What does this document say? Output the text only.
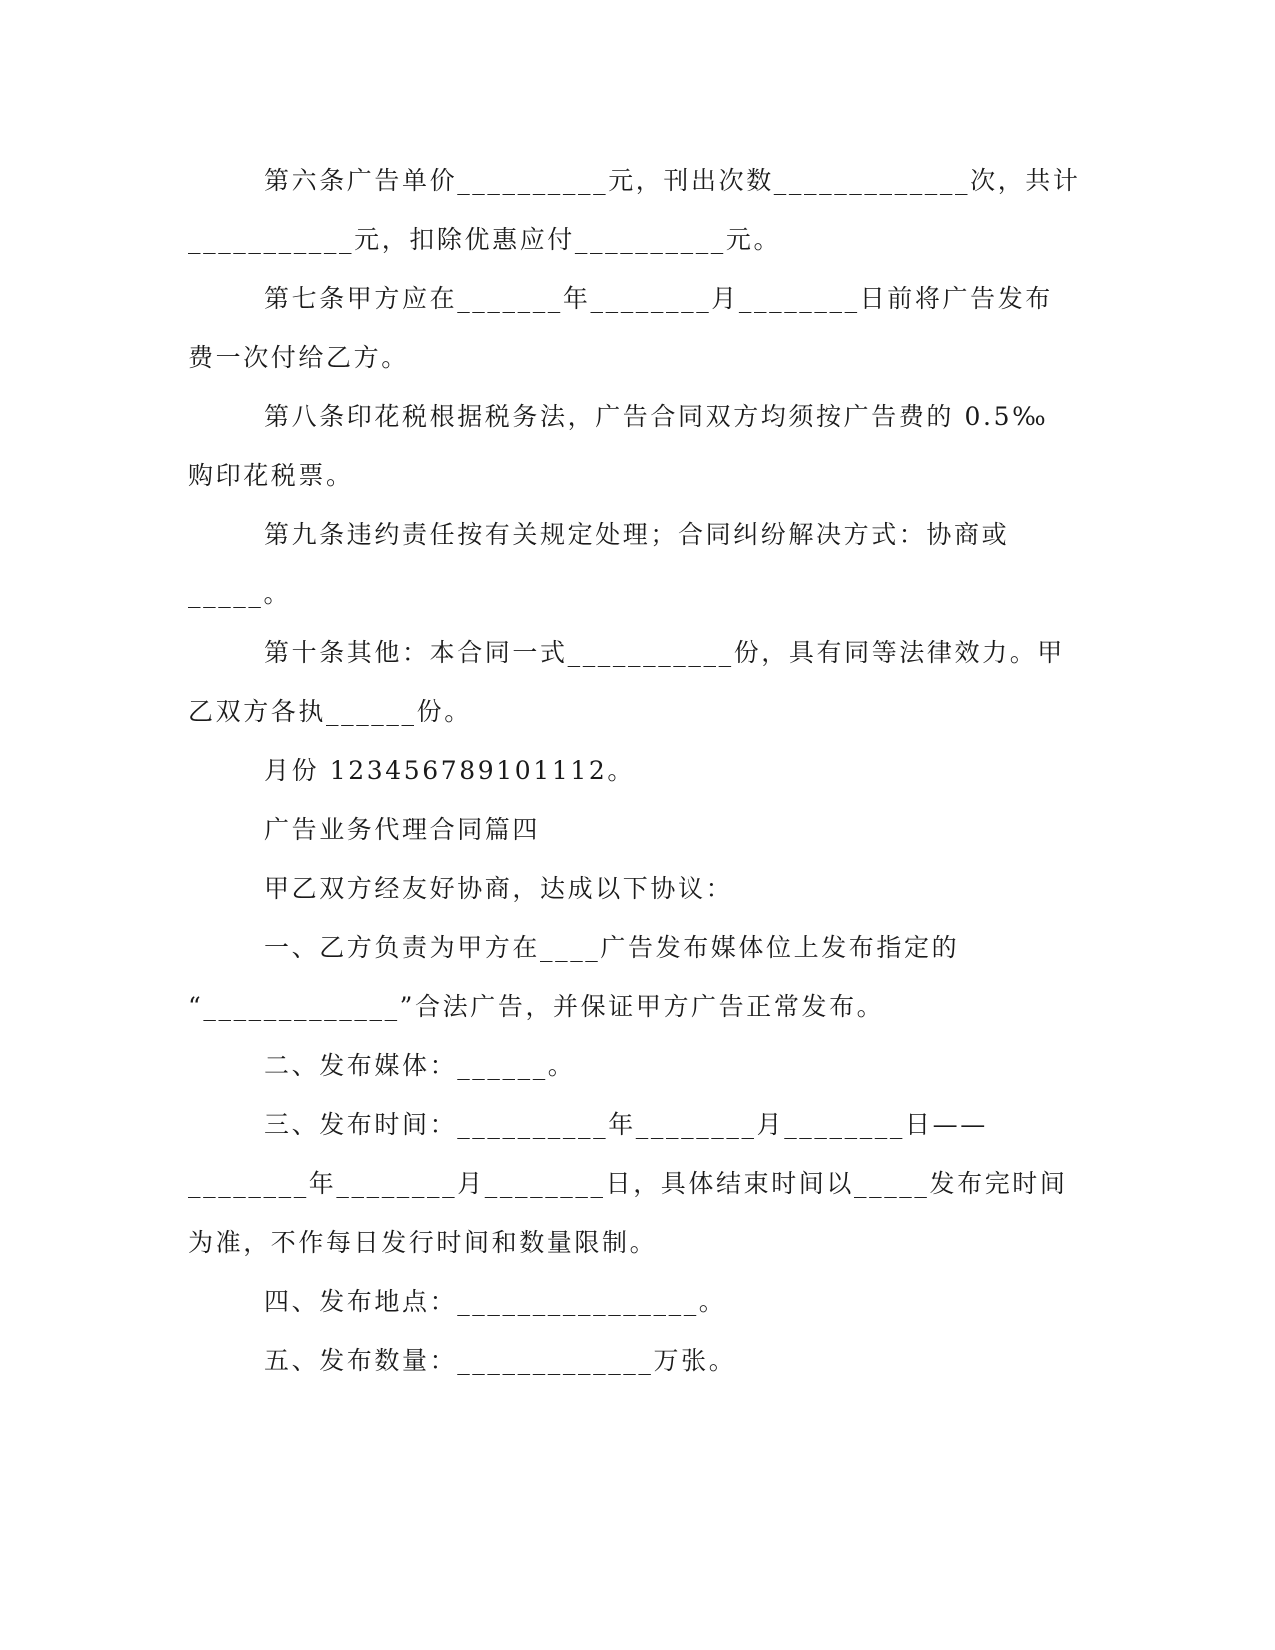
第六条广告单价__________元，刊出次数_____________次，共计
___________元，扣除优惠应付__________元。
第七条甲方应在_______年________月________日前将广告发布
费一次付给乙方。
第八条印花税根据税务法，广告合同双方均须按广告费的 0.5‰
购印花税票。
第九条违约责任按有关规定处理；合同纠纷解决方式：协商或
_____。
第十条其他：本合同一式___________份，具有同等法律效力。甲
乙双方各执______份。
月份 123456789101112。
广告业务代理合同篇四
甲乙双方经友好协商，达成以下协议：
一、乙方负责为甲方在____广告发布媒体位上发布指定的
“_____________”合法广告，并保证甲方广告正常发布。
二、发布媒体：______。
三、发布时间：__________年________月________日——
________年________月________日，具体结束时间以_____发布完时间
为准，不作每日发行时间和数量限制。
四、发布地点：________________。
五、发布数量：_____________万张。
